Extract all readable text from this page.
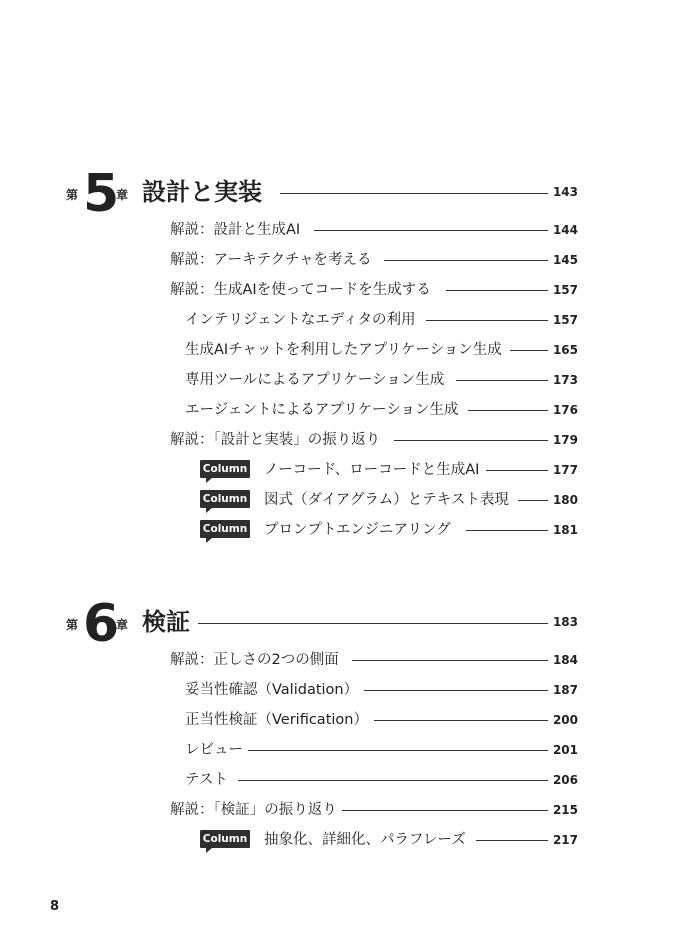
第 5
章 設計と実装	143
解説：設計と生成AI	144
解説：アーキテクチャを考える	145
解説：生成AIを使ってコードを生成する	157
インテリジェントなエディタの利用	157
生成AIチャットを利用したアプリケーション生成	165
専用ツールによるアプリケーション生成	173
エージェントによるアプリケーション生成	176
解説：「設計と実装」の振り返り	179
Column ノーコード、ローコードと生成AI	177
Column 図式（ダイアグラム）とテキスト表現	180
Column プロンプトエンジニアリング	181
第 6
章 検証	183
解説：正しさの2つの側面	184
妥当性確認（Validation）	187
正当性検証（Verification）	200
レビュー	201
テスト	206
解説：「検証」の振り返り	215
Column 抽象化、詳細化、パラフレーズ	217
8
